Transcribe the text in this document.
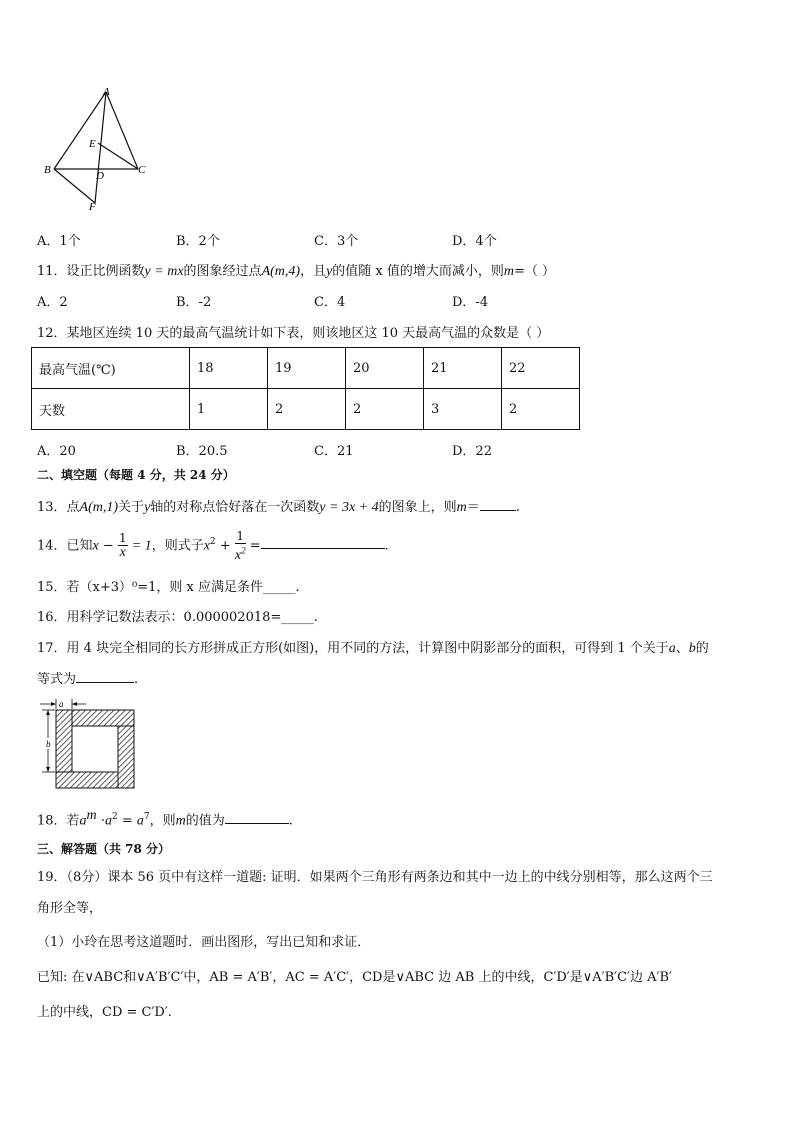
A
B	C
D
E
F
A．1个	B．2个	C．3个	D．4个
11．设正比例函数y = mx的图象经过点A(m,4)，且y的值随 x 值的增大而减小，则m=（ ）
A．2	B．-2	C．4	D．-4
12．某地区连续 10 天的最高气温统计如下表，则该地区这 10 天最高气温的众数是（ ）
最高气温(℃)	18	19	20	21	22
天数	1	2	2	3	2
A．20	B．20.5	C．21	D．22
二、填空题（每题 4 分，共 24 分）
13．点A(m,1)关于y轴的对称点恰好落在一次函数y = 3x + 4的图象上，则m＝	.
14．已知$x - \frac{1}{x} = 1$，则式子$x^2 + \frac{1}{x^2}$ =	.
15．若（x+3）⁰=1，则 x 应满足条件_____.
16．用科学记数法表示：0.000002018=_____.
17．用 4 块完全相同的长方形拼成正方形(如图)，用不同的方法，计算图中阴影部分的面积，可得到 1 个关于a、b的
等式为	.
a
b
18．若$a^m \cdot a^2 = a^7$，则m的值为	.
三、解答题（共 78 分）
19．（8分）课本 56 页中有这样一道题: 证明．如果两个三角形有两条边和其中一边上的中线分别相等，那么这两个三
角形全等，
（1）小玲在思考这道题时．画出图形，写出已知和求证．
已知: 在∨ABC和∨A′B′C′中，AB = A′B′，AC = A′C′，CD是∨ABC 边 AB 上的中线，C′D′是∨A′B′C′边 A′B′
上的中线，CD = C′D′.
